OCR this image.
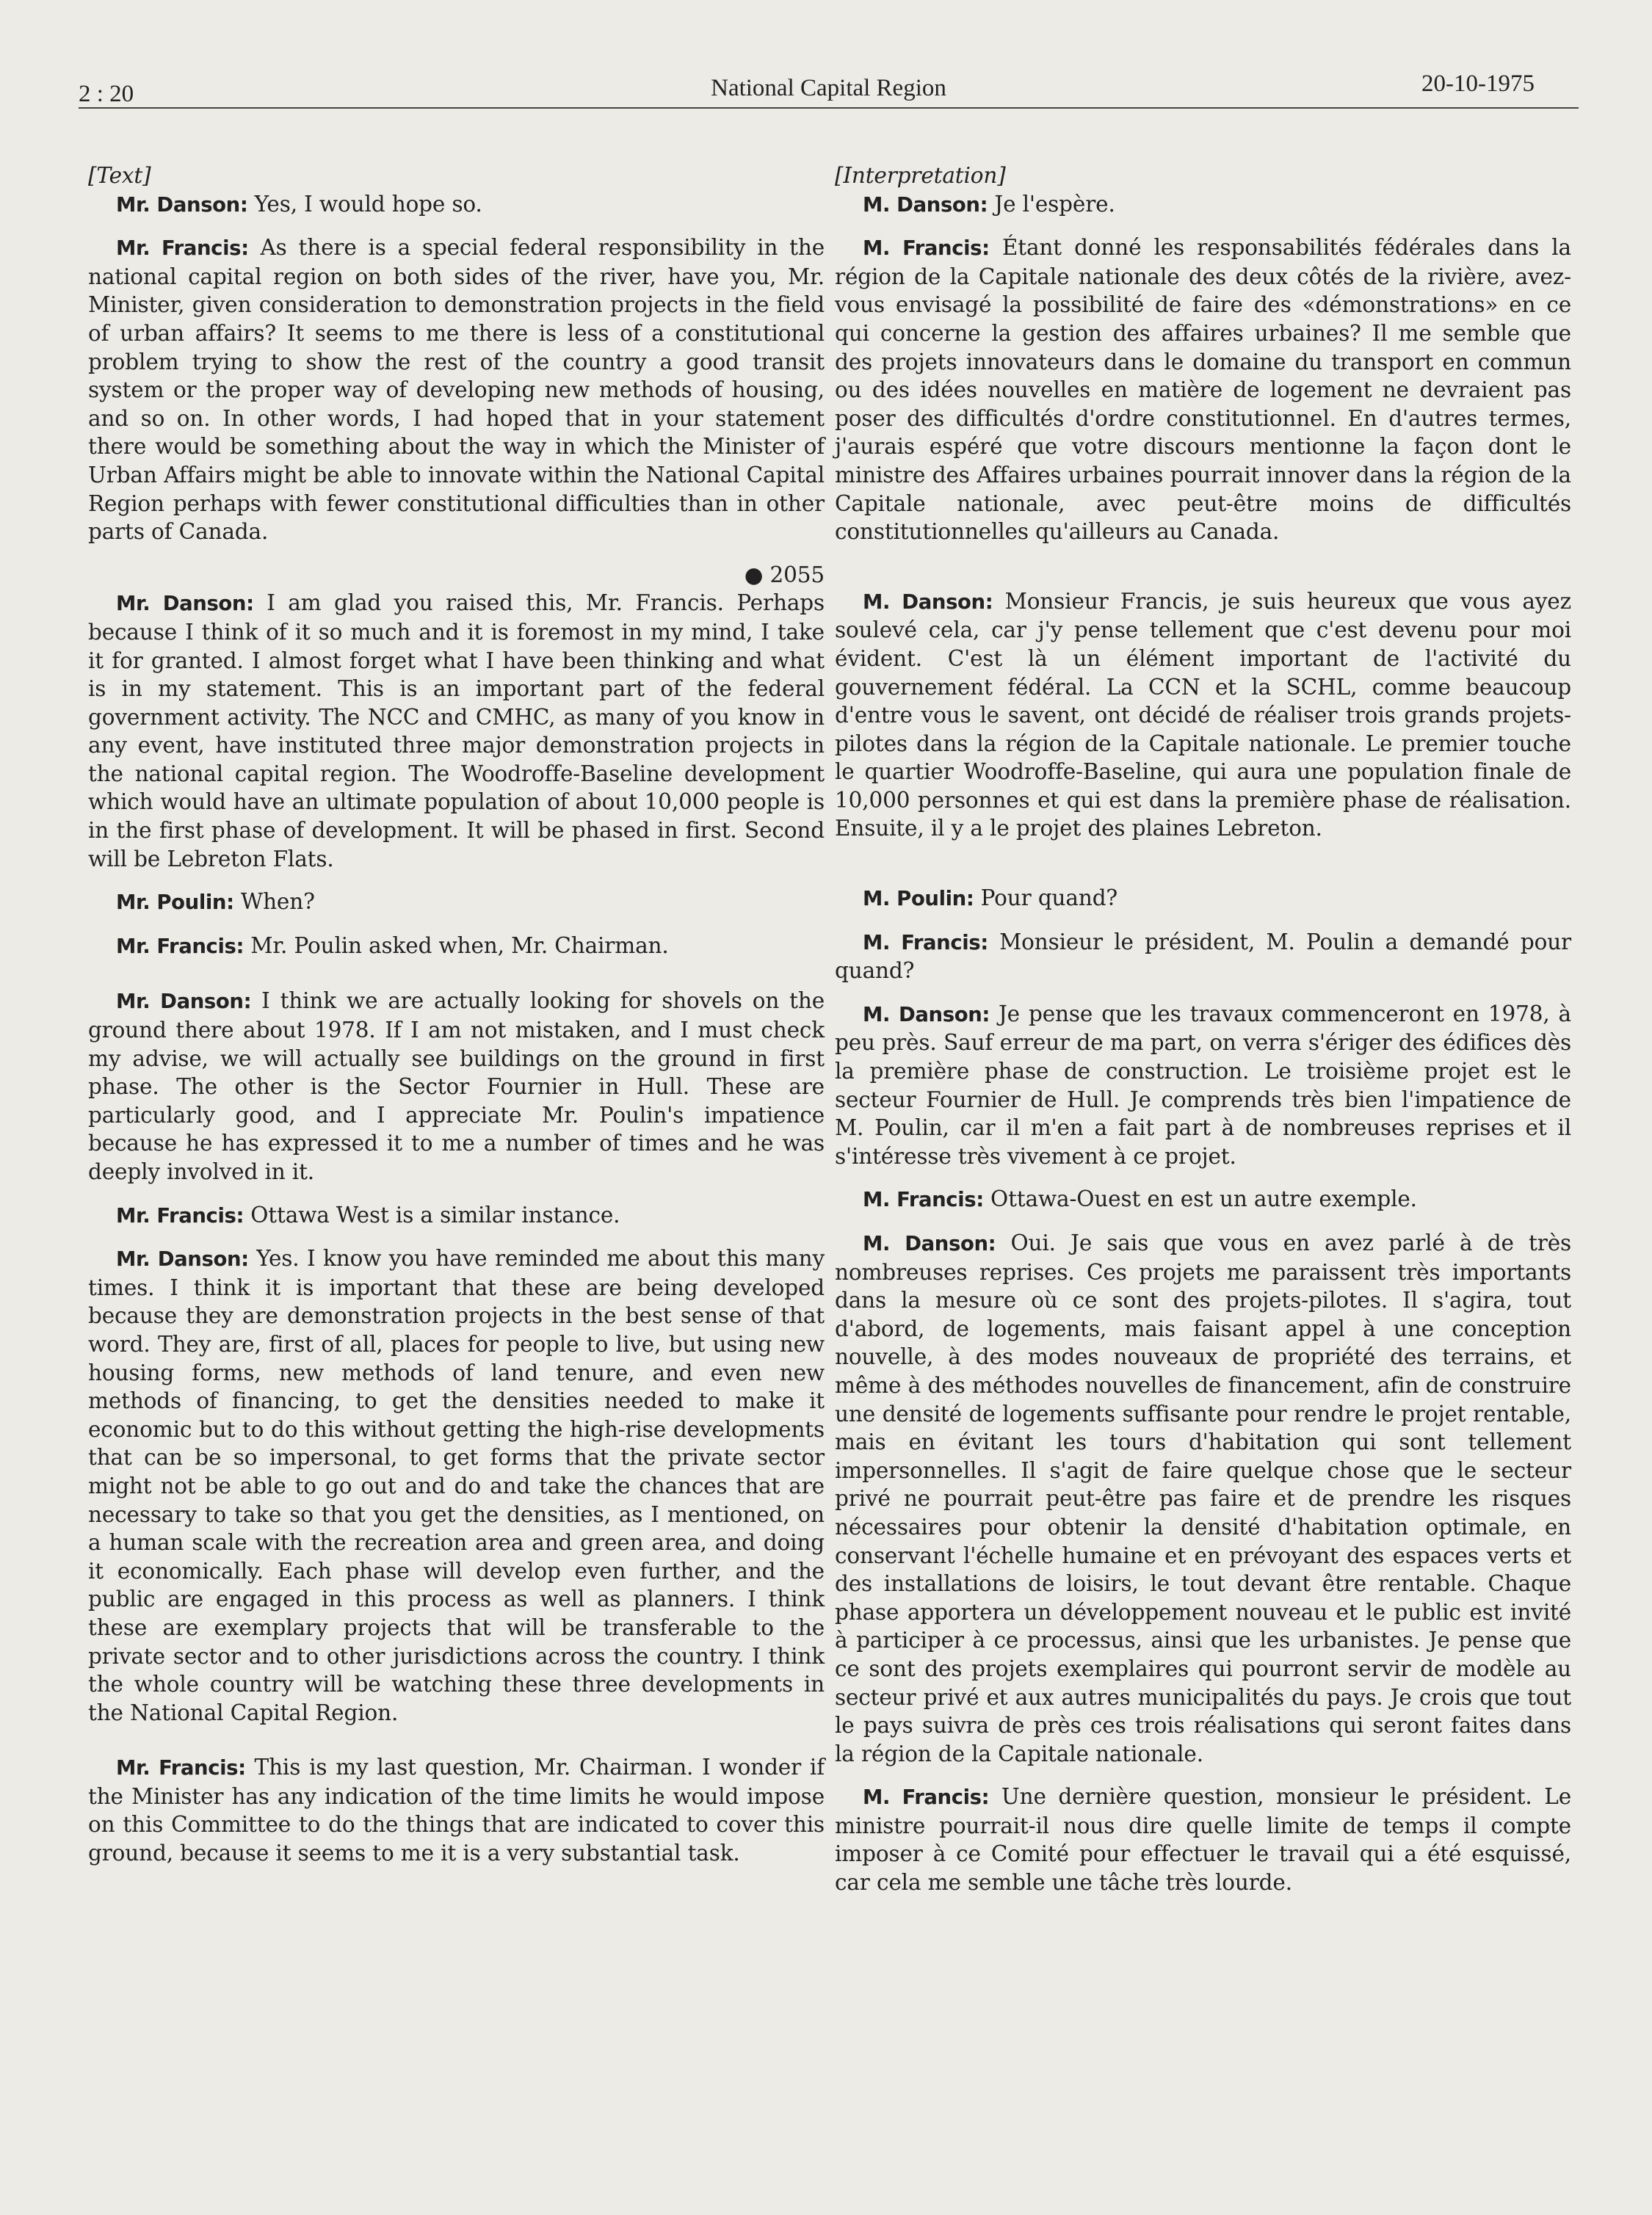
2 : 20	National Capital Region	20-10-1975

[Text]

Mr. Danson: Yes, I would hope so.

Mr. Francis: As there is a special federal responsibility in the national capital region on both sides of the river, have you, Mr. Minister, given consideration to demonstration projects in the field of urban affairs? It seems to me there is less of a constitutional problem trying to show the rest of the country a good transit system or the proper way of developing new methods of housing, and so on. In other words, I had hoped that in your statement there would be something about the way in which the Minister of Urban Affairs might be able to innovate within the National Capital Region perhaps with fewer constitutional difficulties than in other parts of Canada.

● 2055

Mr. Danson: I am glad you raised this, Mr. Francis. Perhaps because I think of it so much and it is foremost in my mind, I take it for granted. I almost forget what I have been thinking and what is in my statement. This is an important part of the federal government activity. The NCC and CMHC, as many of you know in any event, have instituted three major demonstration projects in the national capital region. The Woodroffe-Baseline development which would have an ultimate population of about 10,000 people is in the first phase of development. It will be phased in first. Second will be Lebreton Flats.

Mr. Poulin: When?

Mr. Francis: Mr. Poulin asked when, Mr. Chairman.

Mr. Danson: I think we are actually looking for shovels on the ground there about 1978. If I am not mistaken, and I must check my advise, we will actually see buildings on the ground in first phase. The other is the Sector Fournier in Hull. These are particularly good, and I appreciate Mr. Poulin's impatience because he has expressed it to me a number of times and he was deeply involved in it.

Mr. Francis: Ottawa West is a similar instance.

Mr. Danson: Yes. I know you have reminded me about this many times. I think it is important that these are being developed because they are demonstration projects in the best sense of that word. They are, first of all, places for people to live, but using new housing forms, new methods of land tenure, and even new methods of financing, to get the densities needed to make it economic but to do this without getting the high-rise developments that can be so impersonal, to get forms that the private sector might not be able to go out and do and take the chances that are necessary to take so that you get the densities, as I mentioned, on a human scale with the recreation area and green area, and doing it economically. Each phase will develop even further, and the public are engaged in this process as well as planners. I think these are exemplary projects that will be transferable to the private sector and to other jurisdictions across the country. I think the whole country will be watching these three developments in the National Capital Region.

Mr. Francis: This is my last question, Mr. Chairman. I wonder if the Minister has any indication of the time limits he would impose on this Committee to do the things that are indicated to cover this ground, because it seems to me it is a very substantial task.

[Interpretation]

M. Danson: Je l'espère.

M. Francis: Étant donné les responsabilités fédérales dans la région de la Capitale nationale des deux côtés de la rivière, avez-vous envisagé la possibilité de faire des «démonstrations» en ce qui concerne la gestion des affaires urbaines? Il me semble que des projets innovateurs dans le domaine du transport en commun ou des idées nouvelles en matière de logement ne devraient pas poser des difficultés d'ordre constitutionnel. En d'autres termes, j'aurais espéré que votre discours mentionne la façon dont le ministre des Affaires urbaines pourrait innover dans la région de la Capitale nationale, avec peut-être moins de difficultés constitutionnelles qu'ailleurs au Canada.

M. Danson: Monsieur Francis, je suis heureux que vous ayez soulevé cela, car j'y pense tellement que c'est devenu pour moi évident. C'est là un élément important de l'activité du gouvernement fédéral. La CCN et la SCHL, comme beaucoup d'entre vous le savent, ont décidé de réaliser trois grands projets-pilotes dans la région de la Capitale nationale. Le premier touche le quartier Woodroffe-Baseline, qui aura une population finale de 10,000 personnes et qui est dans la première phase de réalisation. Ensuite, il y a le projet des plaines Lebreton.

M. Poulin: Pour quand?

M. Francis: Monsieur le président, M. Poulin a demandé pour quand?

M. Danson: Je pense que les travaux commenceront en 1978, à peu près. Sauf erreur de ma part, on verra s'ériger des édifices dès la première phase de construction. Le troisième projet est le secteur Fournier de Hull. Je comprends très bien l'impatience de M. Poulin, car il m'en a fait part à de nombreuses reprises et il s'intéresse très vivement à ce projet.

M. Francis: Ottawa-Ouest en est un autre exemple.

M. Danson: Oui. Je sais que vous en avez parlé à de très nombreuses reprises. Ces projets me paraissent très importants dans la mesure où ce sont des projets-pilotes. Il s'agira, tout d'abord, de logements, mais faisant appel à une conception nouvelle, à des modes nouveaux de propriété des terrains, et même à des méthodes nouvelles de financement, afin de construire une densité de logements suffisante pour rendre le projet rentable, mais en évitant les tours d'habitation qui sont tellement impersonnelles. Il s'agit de faire quelque chose que le secteur privé ne pourrait peut-être pas faire et de prendre les risques nécessaires pour obtenir la densité d'habitation optimale, en conservant l'échelle humaine et en prévoyant des espaces verts et des installations de loisirs, le tout devant être rentable. Chaque phase apportera un développement nouveau et le public est invité à participer à ce processus, ainsi que les urbanistes. Je pense que ce sont des projets exemplaires qui pourront servir de modèle au secteur privé et aux autres municipalités du pays. Je crois que tout le pays suivra de près ces trois réalisations qui seront faites dans la région de la Capitale nationale.

M. Francis: Une dernière question, monsieur le président. Le ministre pourrait-il nous dire quelle limite de temps il compte imposer à ce Comité pour effectuer le travail qui a été esquissé, car cela me semble une tâche très lourde.
